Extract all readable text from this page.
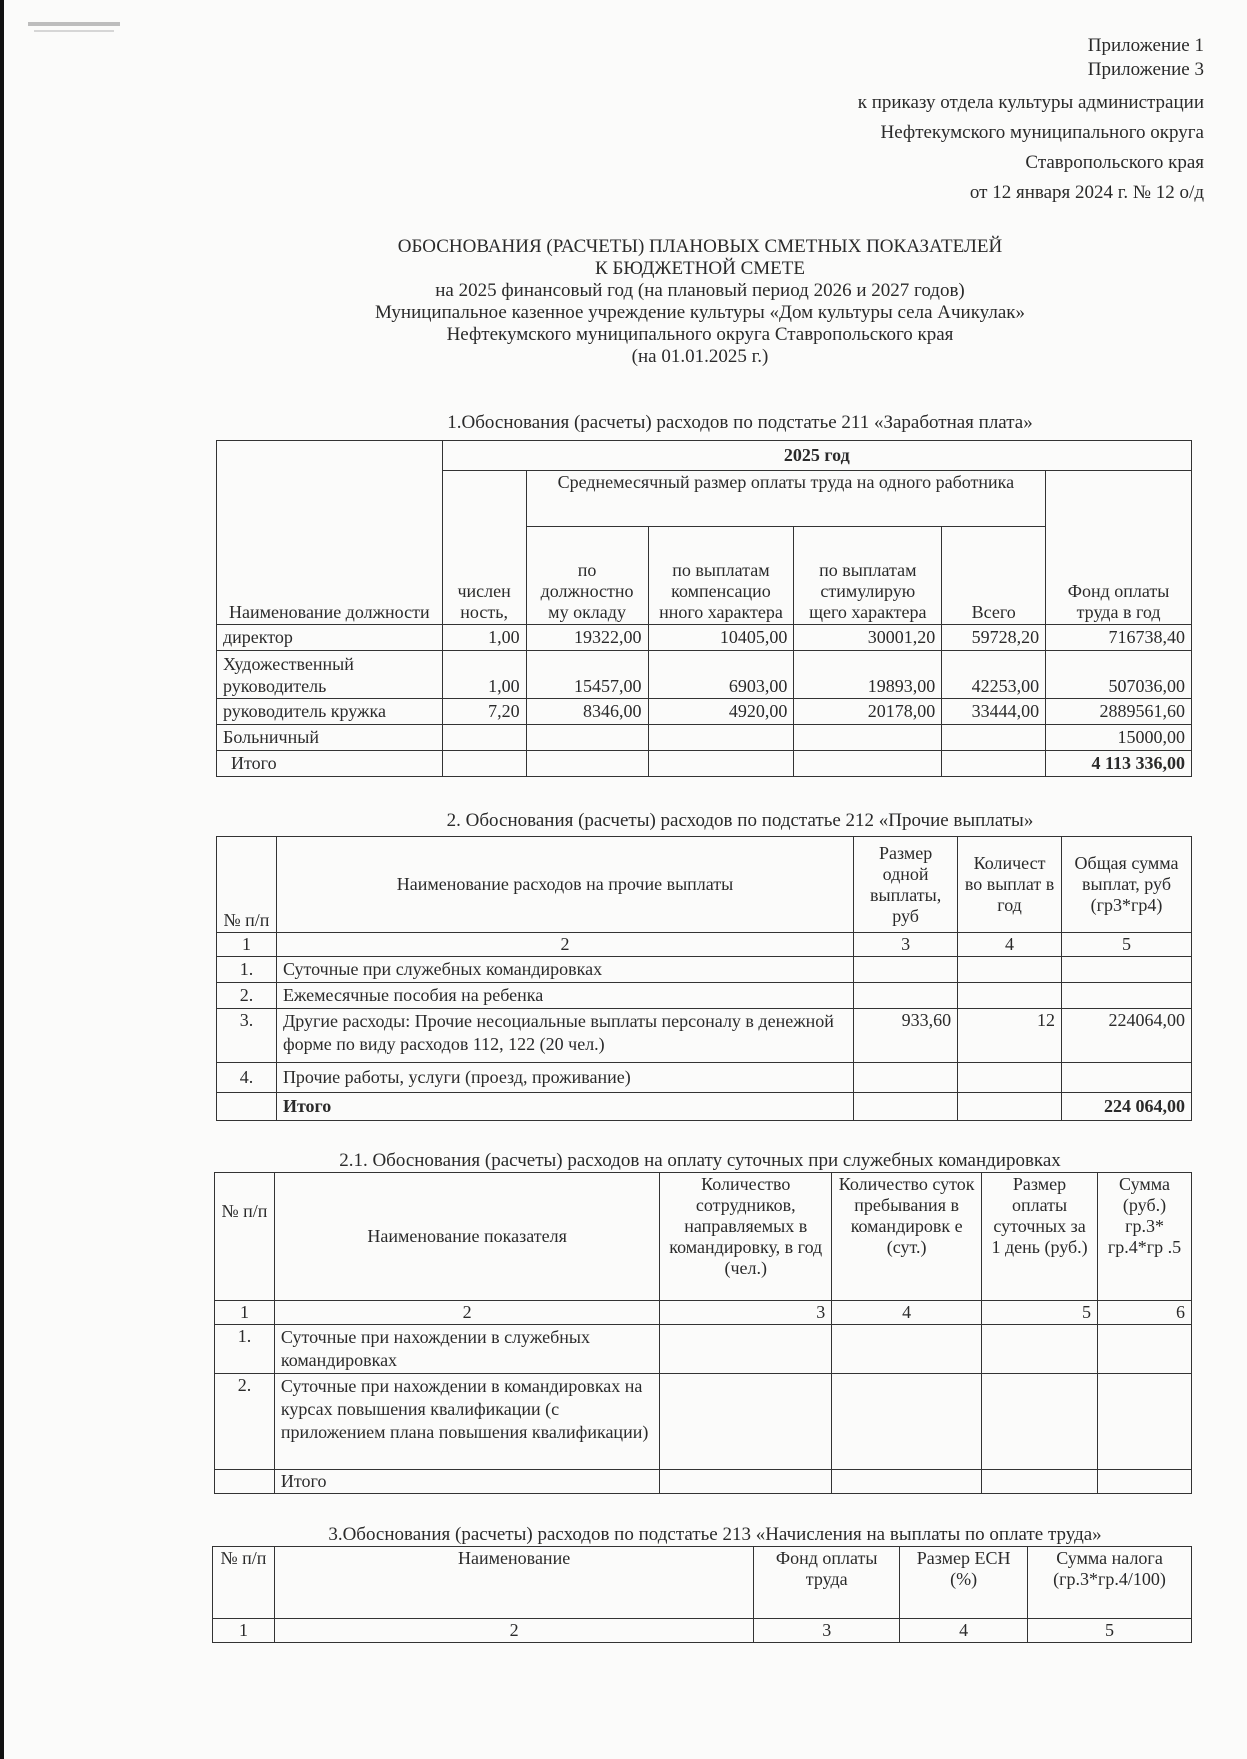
Приложение 1
Приложение 3
к приказу отдела культуры администрации
Нефтекумского муниципального округа
Ставропольского края
от 12 января 2024 г. № 12 о/д
ОБОСНОВАНИЯ (РАСЧЕТЫ) ПЛАНОВЫХ СМЕТНЫХ ПОКАЗАТЕЛЕЙ
К БЮДЖЕТНОЙ СМЕТЕ
на 2025 финансовый год (на плановый период 2026 и 2027 годов)
Муниципальное казенное учреждение культуры «Дом культуры села Ачикулак»
Нефтекумского муниципального округа Ставропольского края
(на 01.01.2025 г.)
1.Обоснования (расчеты) расходов по подстатье 211 «Заработная плата»
Наименование должности	2025 год					
	числен ность,	Среднемесячный размер оплаты труда на одного работника				Фонд оплаты труда в год
		по должностно му окладу	по выплатам компенсацио нного характера	по выплатам стимулирую щего характера	Всего	
директор	1,00	19322,00	10405,00	30001,20	59728,20	716738,40
Художественный руководитель	1,00	15457,00	6903,00	19893,00	42253,00	507036,00
руководитель кружка	7,20	8346,00	4920,00	20178,00	33444,00	2889561,60
Больничный						15000,00
Итого						4 113 336,00
2. Обоснования (расчеты) расходов по подстатье 212 «Прочие выплаты»
№ п/п	Наименование расходов на прочие выплаты	Размер одной выплаты, руб	Количест во выплат в год	Общая сумма выплат, руб (гр3*гр4)
1	2	3	4	5
1.	Суточные при служебных командировках			
2.	Ежемесячные пособия на ребенка			
3.	Другие расходы: Прочие несоциальные выплаты персоналу в денежной форме по виду расходов 112, 122 (20 чел.)	933,60	12	224064,00
4.	Прочие работы, услуги (проезд, проживание)			
	Итого			224 064,00
2.1. Обоснования (расчеты) расходов на оплату суточных при служебных командировках
№ п/п	Наименование показателя	Количество сотрудников, направляемых в командировку, в год (чел.)	Количество суток пребывания в командировк е (сут.)	Размер оплаты суточных за 1 день (руб.)	Сумма (руб.) гр.3* гр.4*гр .5
1	2	3	4	5	6
1.	Суточные при нахождении в служебных командировках				
2.	Суточные при нахождении в командировках на курсах повышения квалификации (с приложением плана повышения квалификации)				
	Итого				
3.Обоснования (расчеты) расходов по подстатье 213 «Начисления на выплаты по оплате труда»
№ п/п	Наименование	Фонд оплаты труда	Размер ЕСН (%)	Сумма налога (гр.3*гр.4/100)
1	2	3	4	5
